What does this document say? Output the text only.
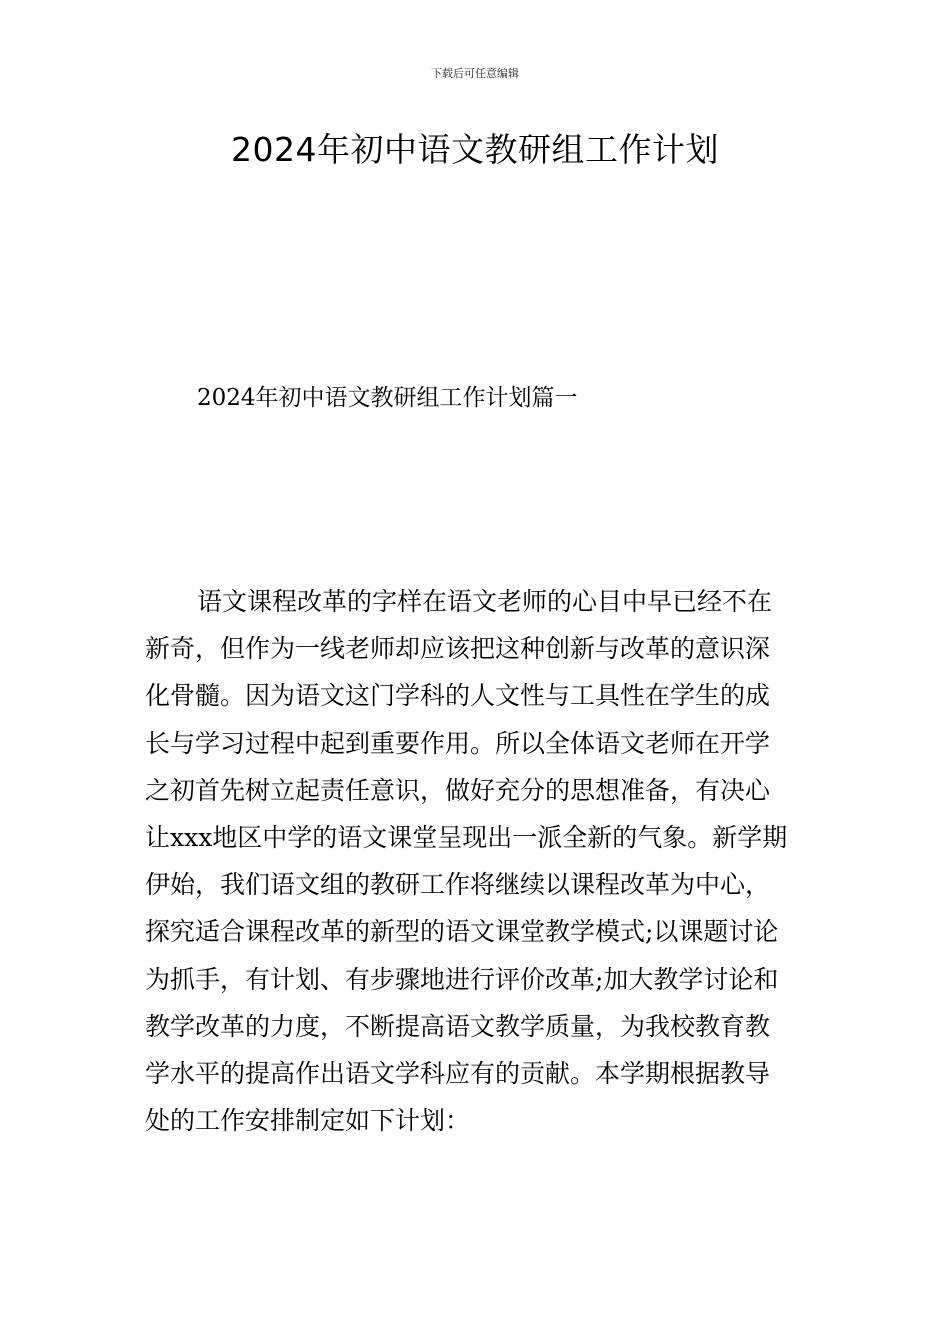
下载后可任意编辑
2024年初中语文教研组工作计划
2024年初中语文教研组工作计划篇一
语文课程改革的字样在语文老师的心目中早已经不在
新奇，但作为一线老师却应该把这种创新与改革的意识深
化骨髓。因为语文这门学科的人文性与工具性在学生的成
长与学习过程中起到重要作用。所以全体语文老师在开学
之初首先树立起责任意识，做好充分的思想准备，有决心
让xxx地区中学的语文课堂呈现出一派全新的气象。新学期
伊始，我们语文组的教研工作将继续以课程改革为中心，
探究适合课程改革的新型的语文课堂教学模式;以课题讨论
为抓手，有计划、有步骤地进行评价改革;加大教学讨论和
教学改革的力度，不断提高语文教学质量，为我校教育教
学水平的提高作出语文学科应有的贡献。本学期根据教导
处的工作安排制定如下计划：
